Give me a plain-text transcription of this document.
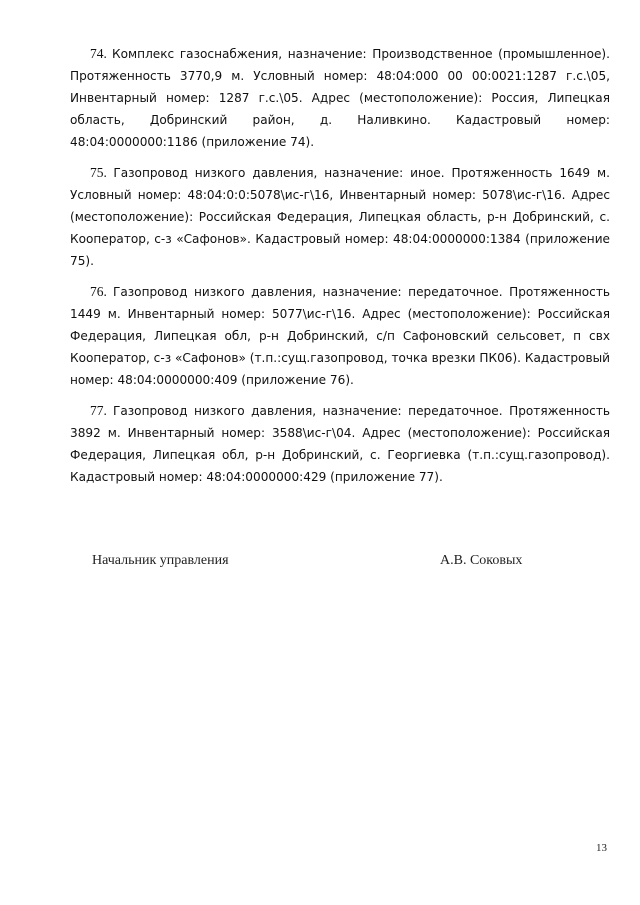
74 . Комплекс газоснабжения, назначение: Производственное (промышленное). Протяженность 3770,9 м. Условный номер: 48:04:000 00 00:0021:1287 г.с.\05, Инвентарный номер: 1287 г.с.\05. Адрес (местоположение): Россия, Липецкая область, Добринский район, д. Наливкино. Кадастровый номер: 48:04:0000000:1186 (приложение 74).

75 . Газопровод низкого давления, назначение: иное. Протяженность 1649 м. Условный номер: 48:04:0:0:5078\ис-г\16, Инвентарный номер: 5078\ис-г\16. Адрес (местоположение): Российская Федерация, Липецкая область, р-н Добринский, с. Кооператор, с-з «Сафонов». Кадастровый номер: 48:04:0000000:1384 (приложение 75).

76 . Газопровод низкого давления, назначение: передаточное. Протяженность 1449 м. Инвентарный номер: 5077\ис-г\16. Адрес (местоположение): Российская Федерация, Липецкая обл, р-н Добринский, с/п Сафоновский сельсовет, п свх Кооператор, с-з «Сафонов» (т.п.:сущ.газопровод, точка врезки ПК06). Кадастровый номер: 48:04:0000000:409 (приложение 76).

77 . Газопровод низкого давления, назначение: передаточное. Протяженность 3892 м. Инвентарный номер: 3588\ис-г\04. Адрес (местоположение): Российская Федерация, Липецкая обл, р-н Добринский, с. Георгиевка (т.п.:сущ.газопровод). Кадастровый номер: 48:04:0000000:429 (приложение 77).

Начальник управления	А.В. Соковых
13
